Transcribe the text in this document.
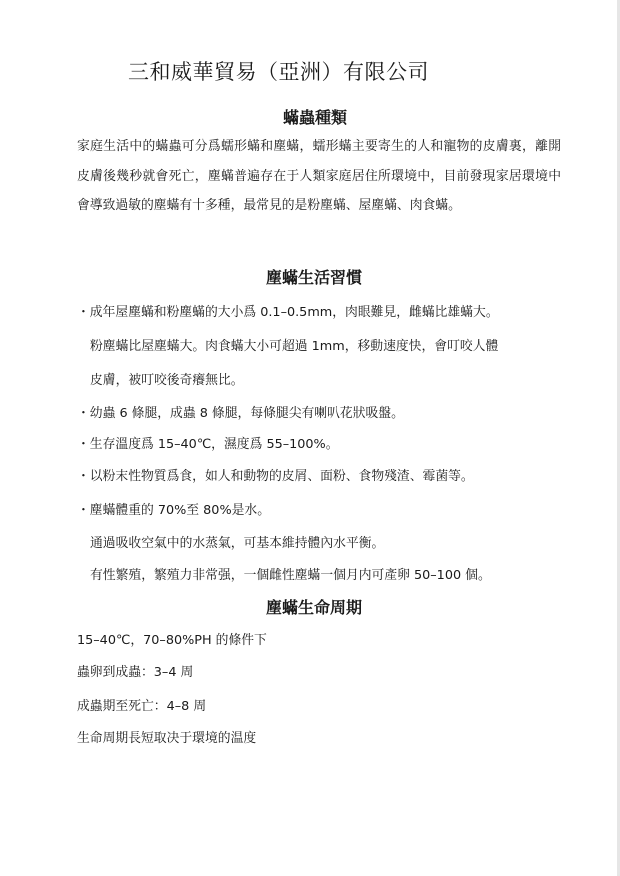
三和威華貿易（亞洲）有限公司
蟎蟲種類
家庭生活中的蟎蟲可分爲蠕形蟎和塵蟎，蠕形蟎主要寄生的人和寵物的皮膚裏，離開皮膚後幾秒就會死亡，塵蟎普遍存在于人類家庭居住所環境中，目前發現家居環境中會導致過敏的塵蟎有十多種，最常見的是粉塵蟎、屋塵蟎、肉食蟎。
塵蟎生活習慣
・成年屋塵蟎和粉塵蟎的大小爲 0.1–0.5mm，肉眼難見，雌蟎比雄蟎大。
粉塵蟎比屋塵蟎大。肉食蟎大小可超過 1mm，移動速度快，會叮咬人體
皮膚，被叮咬後奇癢無比。
・幼蟲 6 條腿，成蟲 8 條腿，每條腿尖有喇叭花狀吸盤。
・生存溫度爲 15–40℃，濕度爲 55–100%。
・以粉末性物質爲食，如人和動物的皮屑、面粉、食物殘渣、霉菌等。
・塵蟎體重的 70%至 80%是水。
通過吸收空氣中的水蒸氣，可基本維持體內水平衡。
有性繁殖，繁殖力非常强，一個雌性塵蟎一個月内可產卵 50–100 個。
塵蟎生命周期
15–40℃，70–80%PH 的條件下
蟲卵到成蟲：3–4 周
成蟲期至死亡：4–8 周
生命周期長短取决于環境的温度
